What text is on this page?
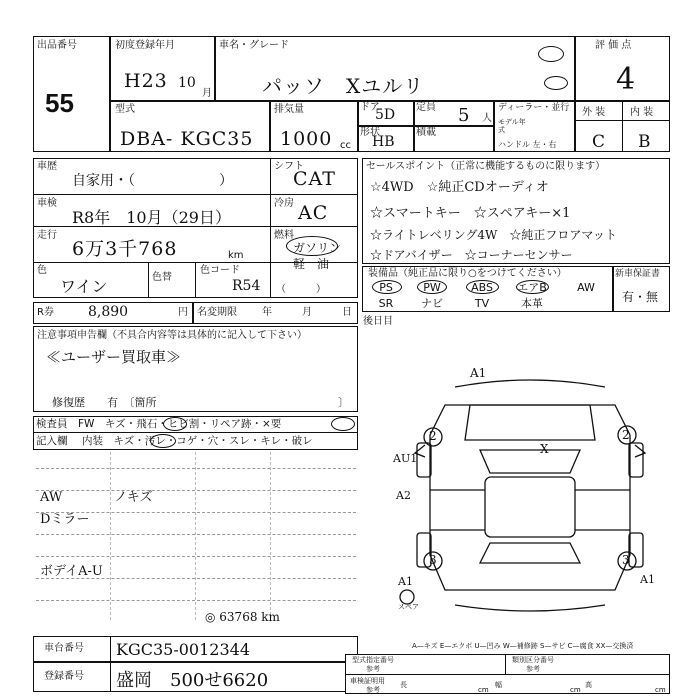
出品番号
55
初度登録年月
H23 10
月
車名・グレード
パッソ　Xユルリ
評 価 点
4
外 装 内 装
C B
型式
DBA- KGC35
排気量
1000 cc
ドア
5D 定員 5 人
ディーラー・並行
モデル年式
ハンドル 左・右
形状
HB
積載
車歴
自家用・（　　　　　　）
車検
R8年　10月（29日）
走行
6万3千768	km
色
ワイン	色替
色コード
R54
シフト
CAT
冷房 AC
燃料
ガソリン
軽　油
（　　　）
R券 8,890	円 名変期限	年　　　月　　　日
セールスポイント（正常に機能するものに限ります）
☆4WD　☆純正CDオーディオ
☆スマートキー　☆スペアキー×1
☆ライトレベリング4W　☆純正フロアマット
☆ドアバイザー　☆コーナーセンサー
装備品（純正品に限り○をつけてください）
PS	PW	ABS	エアB	AW
SR	ナビ	TV	本革
新車保証書
有・無
注意事項申告欄（不具合内容等は具体的に記入して下さい）
≪ユーザー買取車≫
修復歴　　有　〔箇所	〕
検査員　FW　キズ・飛石・ヒビ割・リペア跡・×要
記入欄 内装　キズ・汚レ・コゲ・穴・スレ・キレ・破レ
AW　　　　ノキズ
Dミラー
ボデイA-U
◎ 63768 km
後日目
A1
X
2	2
AU1
A2
3	3
A1	A1
スペア
車台番号 KGC35-0012344
登録番号 盛岡　500せ6620
A—キズ E—エクボ U—凹み W—補修跡 S—サビ C—腐食 XX—交換済
型式指定番号
参考
類別区分番号
参考
車検証明用
参考
長
cm
幅
cm
高
cm
